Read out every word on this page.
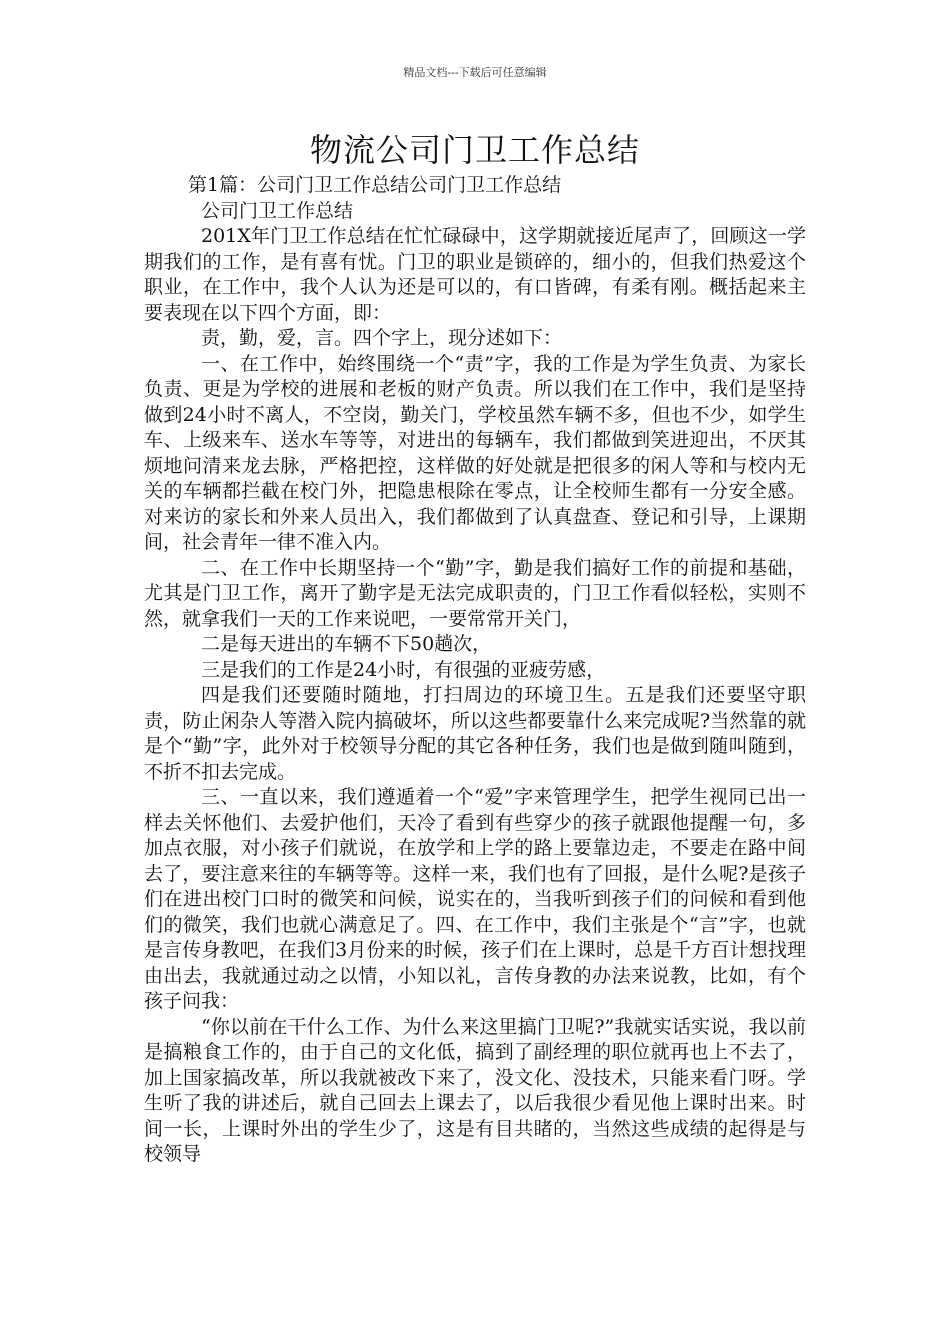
精品文档---下载后可任意编辑
物流公司门卫工作总结

第1篇：公司门卫工作总结公司门卫工作总结

公司门卫工作总结

201X年门卫工作总结在忙忙碌碌中，这学期就接近尾声了，回顾这一学期我们的工作，是有喜有忧。门卫的职业是锁碎的，细小的，但我们热爱这个职业，在工作中，我个人认为还是可以的，有口皆碑，有柔有刚。概括起来主要表现在以下四个方面，即：

责，勤，爱，言。四个字上，现分述如下：

一、在工作中，始终围绕一个“责”字，我的工作是为学生负责、为家长负责、更是为学校的进展和老板的财产负责。所以我们在工作中，我们是坚持做到24小时不离人，不空岗，勤关门，学校虽然车辆不多，但也不少，如学生车、上级来车、送水车等等，对进出的每辆车，我们都做到笑进迎出，不厌其烦地问清来龙去脉，严格把控，这样做的好处就是把很多的闲人等和与校内无关的车辆都拦截在校门外，把隐患根除在零点，让全校师生都有一分安全感。对来访的家长和外来人员出入，我们都做到了认真盘查、登记和引导，上课期间，社会青年一律不准入内。

二、在工作中长期坚持一个“勤”字，勤是我们搞好工作的前提和基础，尤其是门卫工作，离开了勤字是无法完成职责的，门卫工作看似轻松，实则不然，就拿我们一天的工作来说吧，一要常常开关门，

二是每天进出的车辆不下50趟次，

三是我们的工作是24小时，有很强的亚疲劳感，

四是我们还要随时随地，打扫周边的环境卫生。五是我们还要坚守职责，防止闲杂人等潜入院内搞破坏，所以这些都要靠什么来完成呢?当然靠的就是个“勤”字，此外对于校领导分配的其它各种任务，我们也是做到随叫随到，不折不扣去完成。

三、一直以来，我们遵遁着一个“爱”字来管理学生，把学生视同已出一样去关怀他们、去爱护他们，天冷了看到有些穿少的孩子就跟他提醒一句，多加点衣服，对小孩子们就说，在放学和上学的路上要靠边走，不要走在路中间去了，要注意来往的车辆等等。这样一来，我们也有了回报，是什么呢?是孩子们在进出校门口时的微笑和问候，说实在的，当我听到孩子们的问候和看到他们的微笑，我们也就心满意足了。四、在工作中，我们主张是个“言”字，也就是言传身教吧，在我们3月份来的时候，孩子们在上课时，总是千方百计想找理由出去，我就通过动之以情，小知以礼，言传身教的办法来说教，比如，有个孩子问我：

“你以前在干什么工作、为什么来这里搞门卫呢?”我就实话实说，我以前是搞粮食工作的，由于自己的文化低，搞到了副经理的职位就再也上不去了，加上国家搞改革，所以我就被改下来了，没文化、没技术，只能来看门呀。学生听了我的讲述后，就自己回去上课去了，以后我很少看见他上课时出来。时间一长，上课时外出的学生少了，这是有目共睹的，当然这些成绩的起得是与校领导
